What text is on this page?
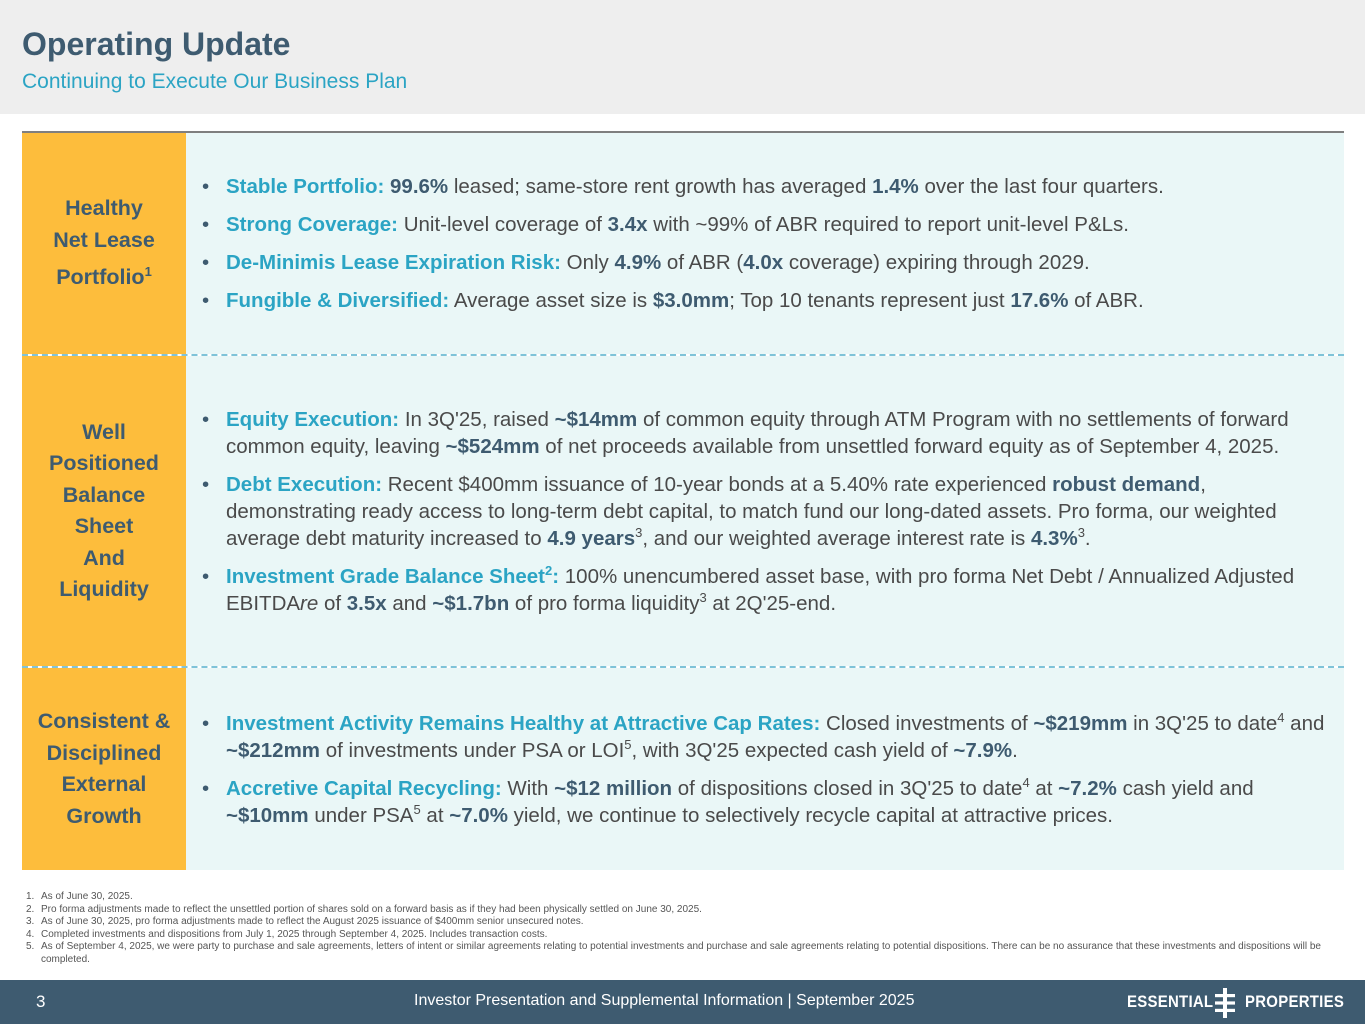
Operating Update
Continuing to Execute Our Business Plan
Healthy
Net Lease
Portfolio$^1$
• Stable Portfolio: 99.6% leased; same-store rent growth has averaged 1.4% over the last four quarters.
• Strong Coverage: Unit-level coverage of 3.4x with ~99% of ABR required to report unit-level P&Ls.
• De-Minimis Lease Expiration Risk: Only 4.9% of ABR (4.0x coverage) expiring through 2029.
• Fungible & Diversified: Average asset size is $3.0mm; Top 10 tenants represent just 17.6% of ABR.
Well
Positioned
Balance
Sheet
And
Liquidity
• Equity Execution: In 3Q'25, raised ~$14mm of common equity through ATM Program with no settlements of forward common equity, leaving ~$524mm of net proceeds available from unsettled forward equity as of September 4, 2025.
• Debt Execution: Recent $400mm issuance of 10-year bonds at a 5.40% rate experienced robust demand, demonstrating ready access to long-term debt capital, to match fund our long-dated assets. Pro forma, our weighted average debt maturity increased to 4.9 years$^3$, and our weighted average interest rate is 4.3%$^3$.
• Investment Grade Balance Sheet$^2$: 100% unencumbered asset base, with pro forma Net Debt / Annualized Adjusted EBITDAre of 3.5x and ~$1.7bn of pro forma liquidity$^3$ at 2Q'25-end.
Consistent &
Disciplined
External
Growth
• Investment Activity Remains Healthy at Attractive Cap Rates: Closed investments of ~$219mm in 3Q'25 to date$^4$ and ~$212mm of investments under PSA or LOI$^5$, with 3Q'25 expected cash yield of ~7.9%.
• Accretive Capital Recycling: With ~$12 million of dispositions closed in 3Q'25 to date$^4$ at ~7.2% cash yield and ~$10mm under PSA$^5$ at ~7.0% yield, we continue to selectively recycle capital at attractive prices.
1. As of June 30, 2025.
2. Pro forma adjustments made to reflect the unsettled portion of shares sold on a forward basis as if they had been physically settled on June 30, 2025.
3. As of June 30, 2025, pro forma adjustments made to reflect the August 2025 issuance of $400mm senior unsecured notes.
4. Completed investments and dispositions from July 1, 2025 through September 4, 2025. Includes transaction costs.
5. As of September 4, 2025, we were party to purchase and sale agreements, letters of intent or similar agreements relating to potential investments and purchase and sale agreements relating to potential dispositions. There can be no assurance that these investments and dispositions will be completed.
3	Investor Presentation and Supplemental Information | September 2025	ESSENTIAL PROPERTIES
